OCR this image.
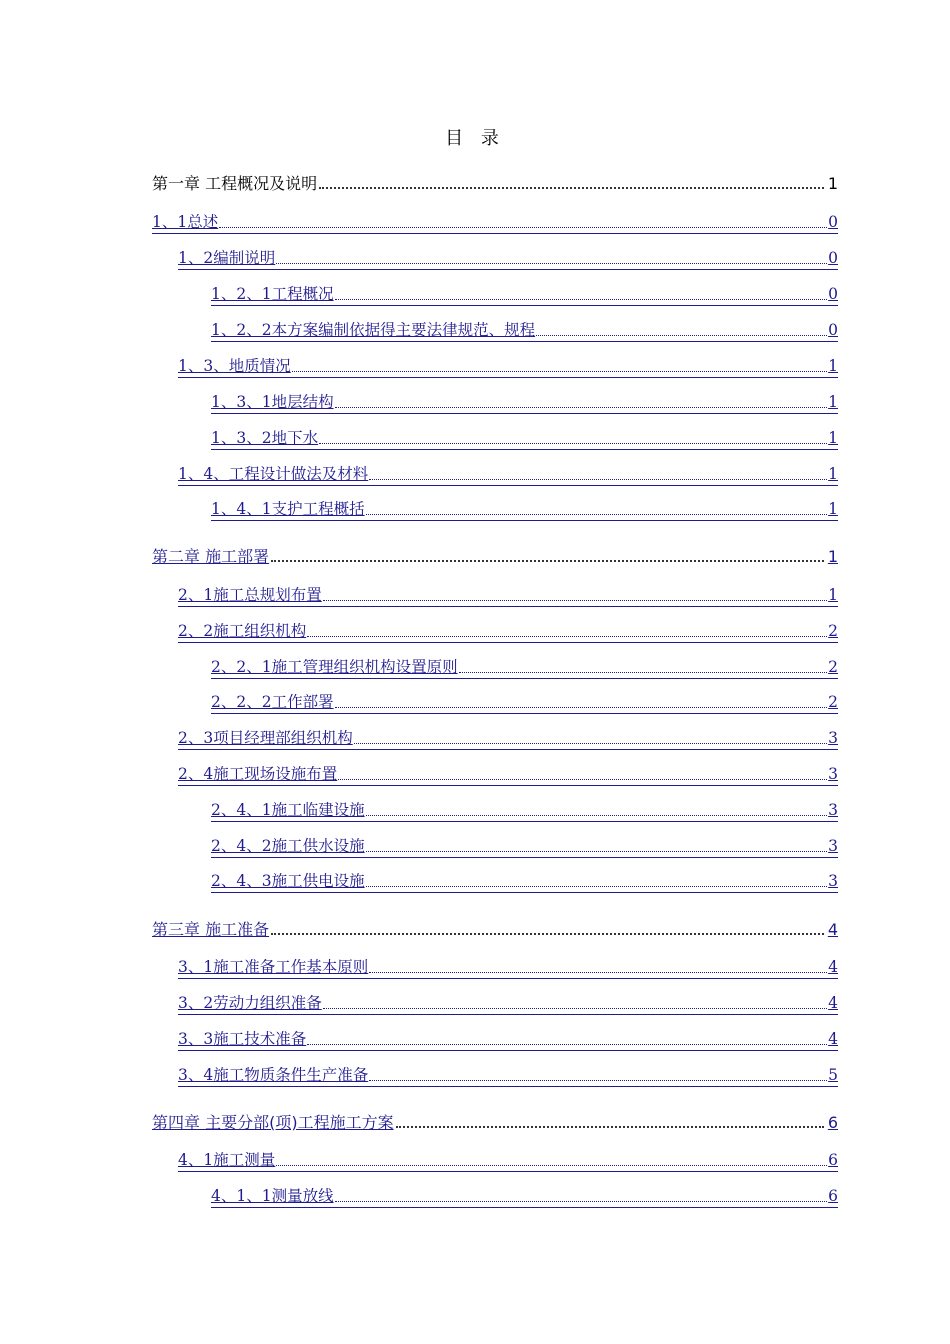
目 录
第一章 工程概况及说明	1
1、1总述	0
1、2编制说明	0
1、2、1工程概况	0
1、2、2本方案编制依据得主要法律规范、规程	0
1、3、地质情况	1
1、3、1地层结构	1
1、3、2地下水	1
1、4、工程设计做法及材料	1
1、4、1支护工程概括	1
第二章 施工部署	1
2、1施工总规划布置	1
2、2施工组织机构	2
2、2、1施工管理组织机构设置原则	2
2、2、2工作部署	2
2、3项目经理部组织机构	3
2、4施工现场设施布置	3
2、4、1施工临建设施	3
2、4、2施工供水设施	3
2、4、3施工供电设施	3
第三章 施工准备	4
3、1施工准备工作基本原则	4
3、2劳动力组织准备	4
3、3施工技术准备	4
3、4施工物质条件生产准备	5
第四章 主要分部(项)工程施工方案	6
4、1施工测量	6
4、1、1测量放线	6
